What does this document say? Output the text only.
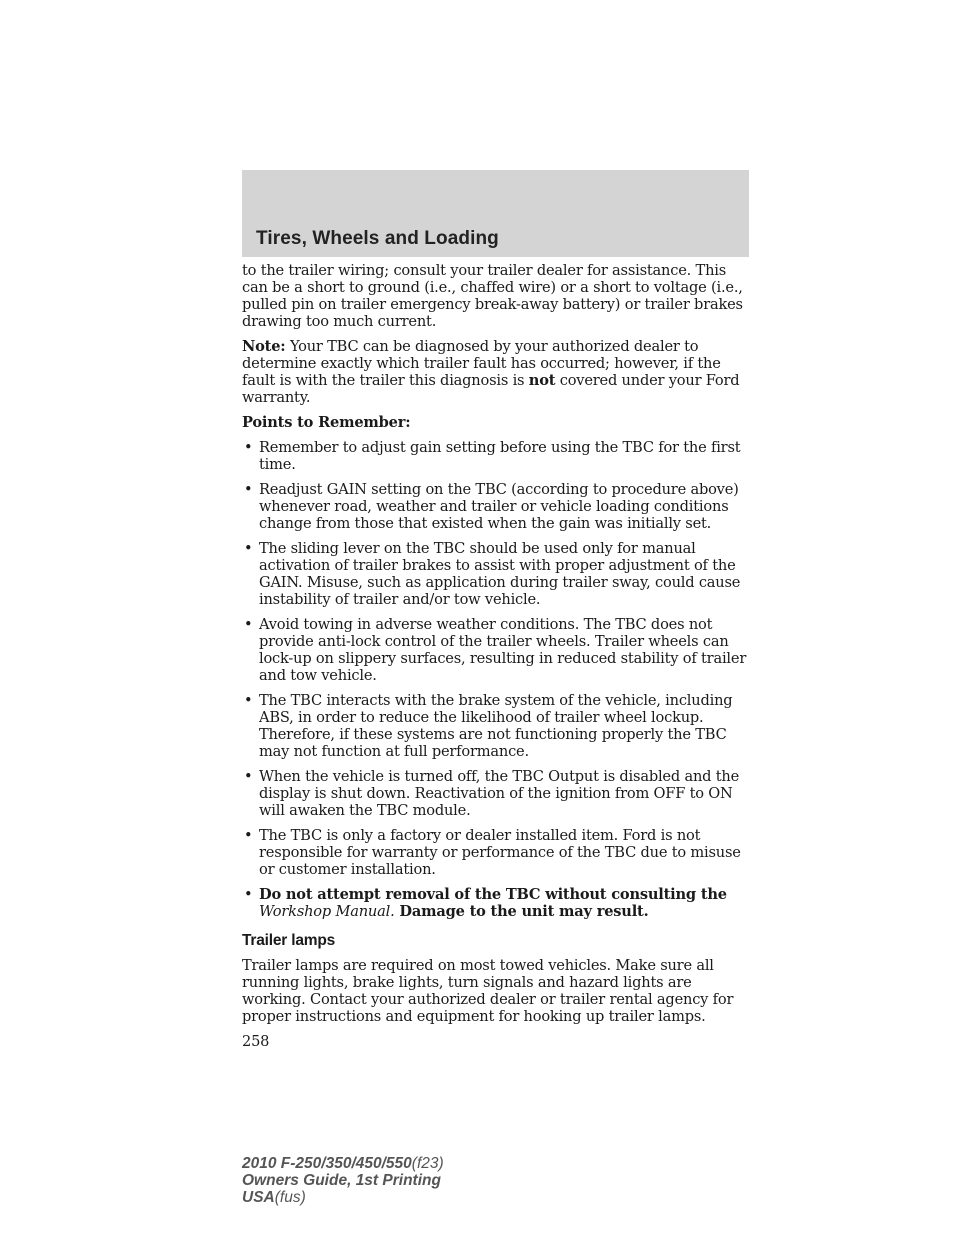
Tires, Wheels and Loading

to the trailer wiring; consult your trailer dealer for assistance. This can be a short to ground (i.e., chaffed wire) or a short to voltage (i.e., pulled pin on trailer emergency break-away battery) or trailer brakes drawing too much current.

Note: Your TBC can be diagnosed by your authorized dealer to determine exactly which trailer fault has occurred; however, if the fault is with the trailer this diagnosis is not covered under your Ford warranty.

Points to Remember:

• Remember to adjust gain setting before using the TBC for the first time.
• Readjust GAIN setting on the TBC (according to procedure above) whenever road, weather and trailer or vehicle loading conditions change from those that existed when the gain was initially set.
• The sliding lever on the TBC should be used only for manual activation of trailer brakes to assist with proper adjustment of the GAIN. Misuse, such as application during trailer sway, could cause instability of trailer and/or tow vehicle.
• Avoid towing in adverse weather conditions. The TBC does not provide anti-lock control of the trailer wheels. Trailer wheels can lock-up on slippery surfaces, resulting in reduced stability of trailer and tow vehicle.
• The TBC interacts with the brake system of the vehicle, including ABS, in order to reduce the likelihood of trailer wheel lockup. Therefore, if these systems are not functioning properly the TBC may not function at full performance.
• When the vehicle is turned off, the TBC Output is disabled and the display is shut down. Reactivation of the ignition from OFF to ON will awaken the TBC module.
• The TBC is only a factory or dealer installed item. Ford is not responsible for warranty or performance of the TBC due to misuse or customer installation.
• Do not attempt removal of the TBC without consulting the Workshop Manual. Damage to the unit may result.
Trailer lamps

Trailer lamps are required on most towed vehicles. Make sure all running lights, brake lights, turn signals and hazard lights are working. Contact your authorized dealer or trailer rental agency for proper instructions and equipment for hooking up trailer lamps.

258
2010 F-250/350/450/550(f23)
Owners Guide, 1st Printing
USA(fus)
